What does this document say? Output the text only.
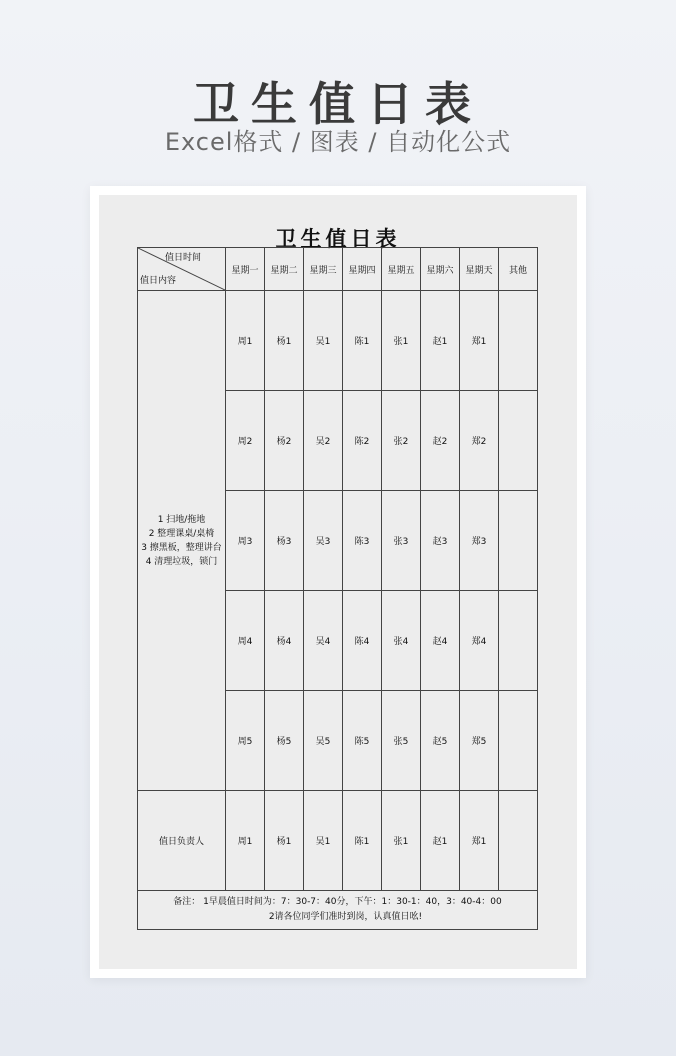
卫生值日表
Excel格式 / 图表 / 自动化公式
卫生值日表
值日时间
值日内容	星期一	星期二	星期三	星期四	星期五	星期六	星期天	其他

1 扫地/拖地
2 整理课桌/桌椅
3 擦黑板，整理讲台
4 清理垃圾，锁门	周1	杨1	吴1	陈1	张1	赵1	郑1	
	周2	杨2	吴2	陈2	张2	赵2	郑2	
	周3	杨3	吴3	陈3	张3	赵3	郑3	
	周4	杨4	吴4	陈4	张4	赵4	郑4	
	周5	杨5	吴5	陈5	张5	赵5	郑5	
值日负责人	周1	杨1	吴1	陈1	张1	赵1	郑1	

备注： 1早晨值日时间为：7：30-7：40分，下午：1：30-1：40，3：40-4：00
2请各位同学们准时到岗，认真值日吆!								
